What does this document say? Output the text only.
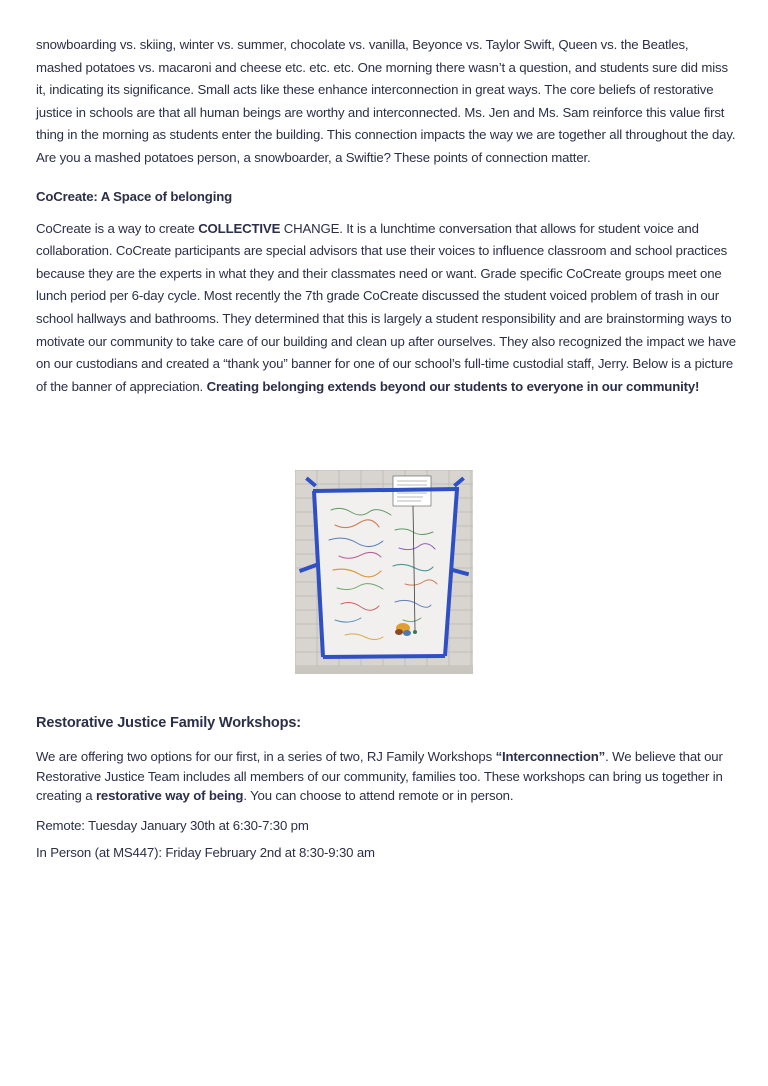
snowboarding vs. skiing, winter vs. summer, chocolate vs. vanilla, Beyonce vs. Taylor Swift, Queen vs. the Beatles, mashed potatoes vs. macaroni and cheese etc. etc. etc. One morning there wasn’t a question, and students sure did miss it, indicating its significance. Small acts like these enhance interconnection in great ways. The core beliefs of restorative justice in schools are that all human beings are worthy and interconnected. Ms. Jen and Ms. Sam reinforce this value first thing in the morning as students enter the building. This connection impacts the way we are together all throughout the day. Are you a mashed potatoes person, a snowboarder, a Swiftie? These points of connection matter.

CoCreate: A Space of belonging

CoCreate is a way to create COLLECTIVE CHANGE. It is a lunchtime conversation that allows for student voice and collaboration. CoCreate participants are special advisors that use their voices to influence classroom and school practices because they are the experts in what they and their classmates need or want. Grade specific CoCreate groups meet one lunch period per 6-day cycle. Most recently the 7th grade CoCreate discussed the student voiced problem of trash in our school hallways and bathrooms. They determined that this is largely a student responsibility and are brainstorming ways to motivate our community to take care of our building and clean up after ourselves. They also recognized the impact we have on our custodians and created a “thank you” banner for one of our school’s full-time custodial staff, Jerry. Below is a picture of the banner of appreciation. Creating belonging extends beyond our students to everyone in our community!

Restorative Justice Family Workshops:

We are offering two options for our first, in a series of two, RJ Family Workshops “Interconnection”. We believe that our Restorative Justice Team includes all members of our community, families too. These workshops can bring us together in creating a restorative way of being. You can choose to attend remote or in person.

Remote: Tuesday January 30th at 6:30-7:30 pm

In Person (at MS447): Friday February 2nd at 8:30-9:30 am
